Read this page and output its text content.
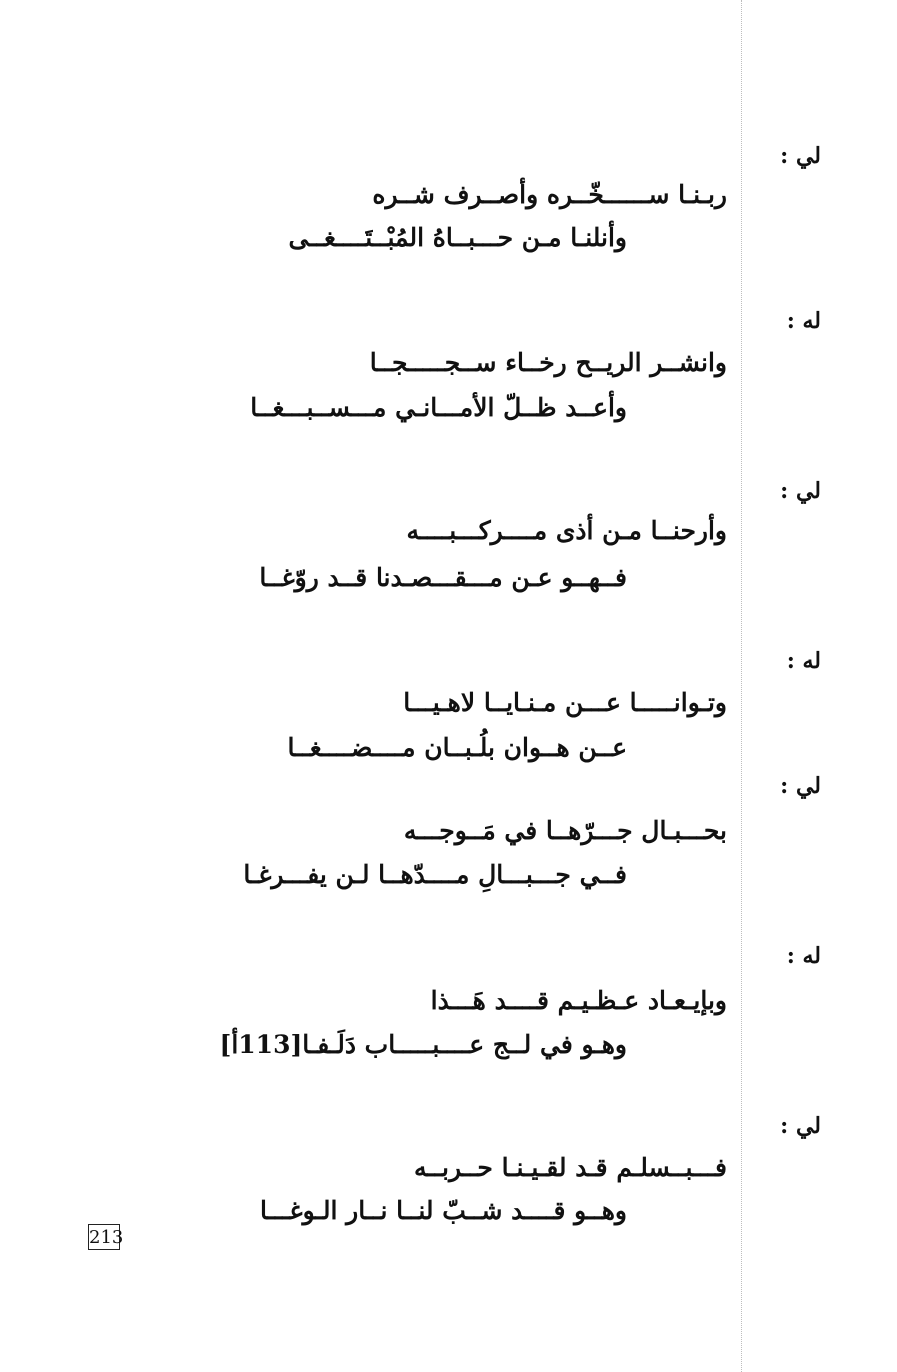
لي :
ربـنـا ســــــخّــره وأصــرف شــره
وأنلنـا مـن حـــبــاهُ المُبْــتَــــغــى
له :
وانشــر الريــح رخــاء ســجـــــجــا
وأعــد ظــلّ الأمـــانـي مـــســبـــغــا
لي :
وأرحنــا مـن أذى مــــركـــبــــه
فــهــو عـن مـــقـــصـدنا قــد روّغــا
له :
وتـوانـــــا عـــن مـنـايــا لاهـيـــا
عــن هــوان بلُـبــان مــــضــــغــا
لي :
بحـــبـال جـــرّهــا في مَــوجـــه
فــي جـــبـــالِ مــــدّهــا لـن يفـــرغـا
له :
وبإيـعـاد عـظـيـم قــــد هَـــذا
وهـو في لــج عــــبـــــاب دَلَـفـا[113أ]
لي :
فـــبــسلـم قـد لقـيـنـا حــربــه
وهــو قــــد شــبّ لنــا نــار الـوغـــا
213
